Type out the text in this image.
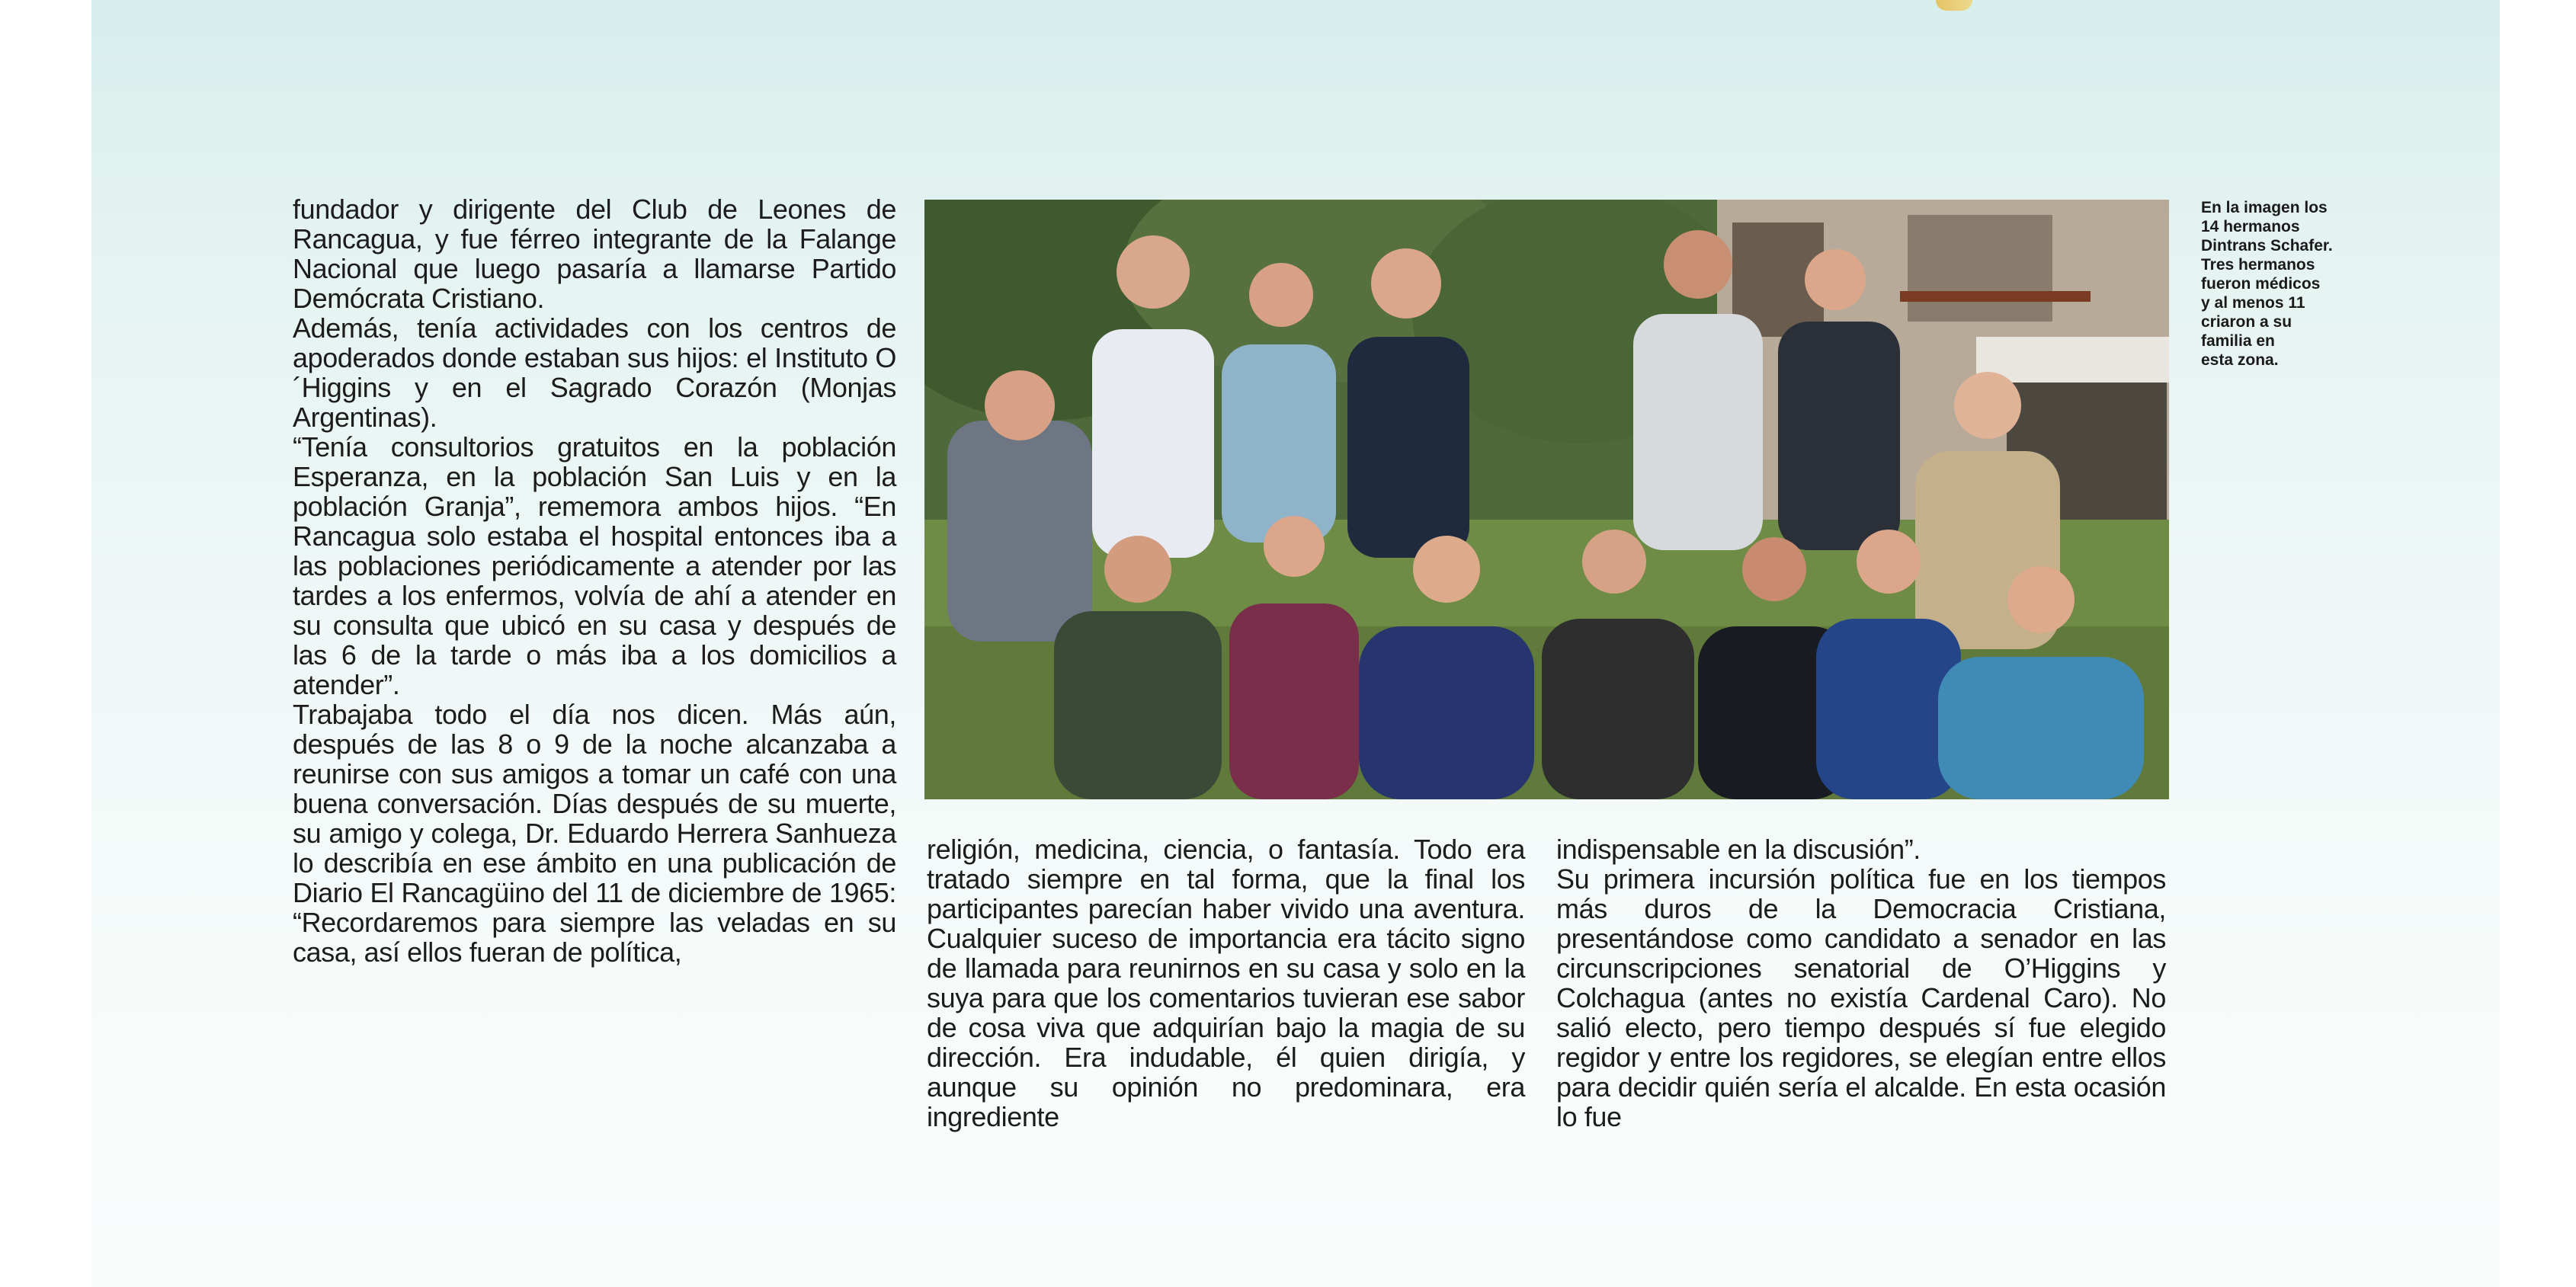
fundador y dirigente del Club de Leones de Rancagua, y fue férreo integrante de la Falange Nacional que luego pasaría a llamarse Partido Demócrata Cristiano.

Además, tenía actividades con los centros de apoderados donde estaban sus hijos: el Instituto O´Higgins y en el Sagrado Corazón (Monjas Argentinas).

“Tenía consultorios gratuitos en la población Esperanza, en la población San Luis y en la población Granja”, rememora ambos hijos. “En Rancagua solo estaba el hospital entonces iba a las poblaciones periódicamente a atender por las tardes a los enfermos, volvía de ahí a atender en su consulta que ubicó en su casa y después de las 6 de la tarde o más iba a los domicilios a atender”.

Trabajaba todo el día nos dicen. Más aún, después de las 8 o 9 de la noche alcanzaba a reunirse con sus amigos a tomar un café con una buena conversación. Días después de su muerte, su amigo y colega, Dr. Eduardo Herrera Sanhueza lo describía en ese ámbito en una publicación de Diario El Rancagüino del 11 de diciembre de 1965: “Recordaremos para siempre las veladas en su casa, así ellos fueran de política,

En la imagen los
14 hermanos
Dintrans Schafer.
Tres hermanos
fueron médicos
y al menos 11
criaron a su
familia en
esta zona.

religión, medicina, ciencia, o fantasía. Todo era tratado siempre en tal forma, que la final los participantes parecían haber vivido una aventura. Cualquier suceso de importancia era tácito signo de llamada para reunirnos en su casa y solo en la suya para que los comentarios tuvieran ese sabor de cosa viva que adquirían bajo la magia de su dirección. Era indudable, él quien dirigía, y aunque su opinión no predominara, era ingrediente

indispensable en la discusión”.

Su primera incursión política fue en los tiempos más duros de la Democracia Cristiana, presentándose como candidato a senador en las circunscripciones senatorial de O’Higgins y Colchagua (antes no existía Cardenal Caro). No salió electo, pero tiempo después sí fue elegido regidor y entre los regidores, se elegían entre ellos para decidir quién sería el alcalde. En esta ocasión lo fue
